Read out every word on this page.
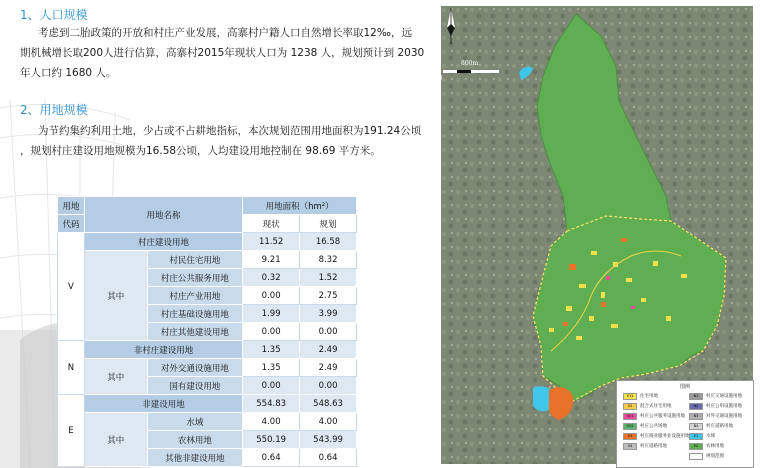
1、人口规模

考虑到二胎政策的开放和村庄产业发展，高寨村户籍人口自然增长率取12‰，远

期机械增长取200人进行估算，高寨村2015年现状人口为 1238 人，规划预计到 2030

年人口约 1680 人。

2、用地规模

为节约集约利用土地，少占或不占耕地指标，本次规划范围用地面积为191.24公顷

，规划村庄建设用地规模为16.58公顷，人均建设用地控制在 98.69 平方米。

用地	用地名称		用地面积（hm²）	
代码			现状	规划
V	村庄建设用地		11.52	16.58
	其中	村民住宅用地	9.21	8.32
		村庄公共服务用地	0.32	1.52
		村庄产业用地	0.00	2.75
		村庄基础设施用地	1.99	3.99
		村庄其他建设用地	0.00	0.00
N	非村庄建设用地		1.35	2.49
	其中	对外交通设施用地	1.35	2.49
		国有建设用地	0.00	0.00
E	非建设用地		554.83	548.63
	其中	水域	4.00	4.00
		农林用地	550.19	543.99
		其他非建设用地	0.64	0.64
200
400
800m
0
图例
V11	住宅用地
V2	混合式住宅用地
V21	村庄公共服务设施用地
V22	村庄公共场地
V3	村庄商业服务业设施用地
V4	村庄道路用地
N1	村庄交通设施用地
N2	村庄公用设施用地
N3	对外交通设施用地
N4	村庄道路用地
E1	水域
E2	农林用地
规划范围
